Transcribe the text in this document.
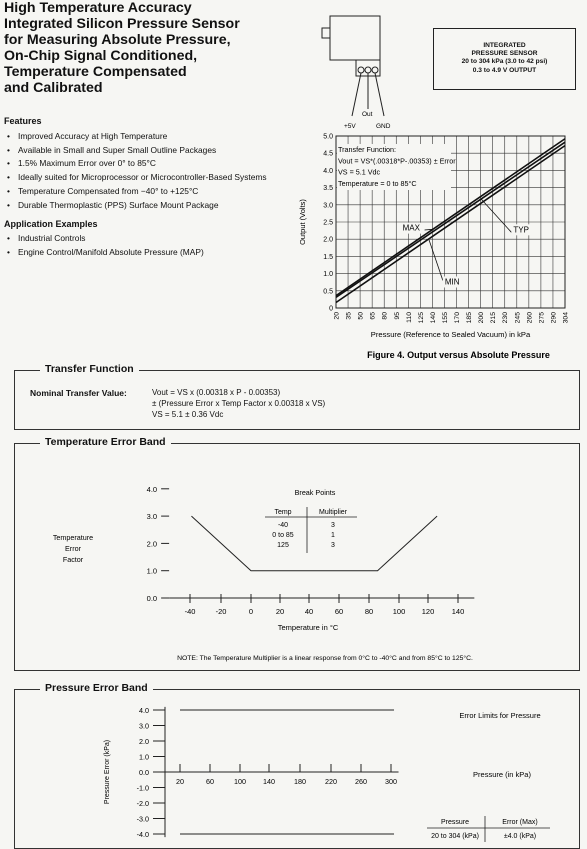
High Temperature Accuracy
Integrated Silicon Pressure Sensor
for Measuring Absolute Pressure,
On-Chip Signal Conditioned,
Temperature Compensated
and Calibrated
Features
• Improved Accuracy at High Temperature
• Available in Small and Super Small Outline Packages
• 1.5% Maximum Error over 0° to 85°C
• Ideally suited for Microprocessor or Microcontroller-Based Systems
• Temperature Compensated from −40° to +125°C
• Durable Thermoplastic (PPS) Surface Mount Package
Application Examples
• Industrial Controls
• Engine Control/Manifold Absolute Pressure (MAP)
INTEGRATED
PRESSURE SENSOR
20 to 304 kPa (3.0 to 42 psi)
0.3 to 4.9 V OUTPUT
Out
+5V	GND
20 35 50 65 80 95 110 125 140 155 170 185 200 215 230 245 260 275 290 304
0
0.5
1.0
1.5
2.0
2.5
3.0
3.5
4.0
4.5
5.0
Transfer Function:
Vout = VS*(.00318*P-.00353) ± Error
VS = 5.1 Vdc
Temperature = 0 to 85°C
MAX	TYP
MIN
Output (Volts)
Pressure (Reference to Sealed Vacuum) in kPa
Figure 4. Output versus Absolute Pressure
Transfer Function
Nominal Transfer Value:	Vout = VS x (0.00318 x P - 0.00353)
± (Pressure Error x Temp Factor x 0.00318 x VS)
VS = 5.1 ± 0.36 Vdc
Temperature Error Band
0.0
1.0
2.0
3.0
4.0
-40	-20	0	20	40	60	80	100 120 140
Temperature
Error
Factor
Temperature in °C
Break Points
Temp	Multiplier
-40	3
0 to 85	1
125	3
NOTE: The Temperature Multiplier is a linear response from 0°C to -40°C and from 85°C to 125°C.
Pressure Error Band
4.0
3.0
2.0
1.0
0.0
-1.0
-2.0
-3.0
-4.0
20	60	100 140	180	220	260	300
Error Limits for Pressure
Pressure (in kPa)
Pressure Error (kPa)
Pressure	Error (Max)
20 to 304 (kPa)	±4.0 (kPa)
